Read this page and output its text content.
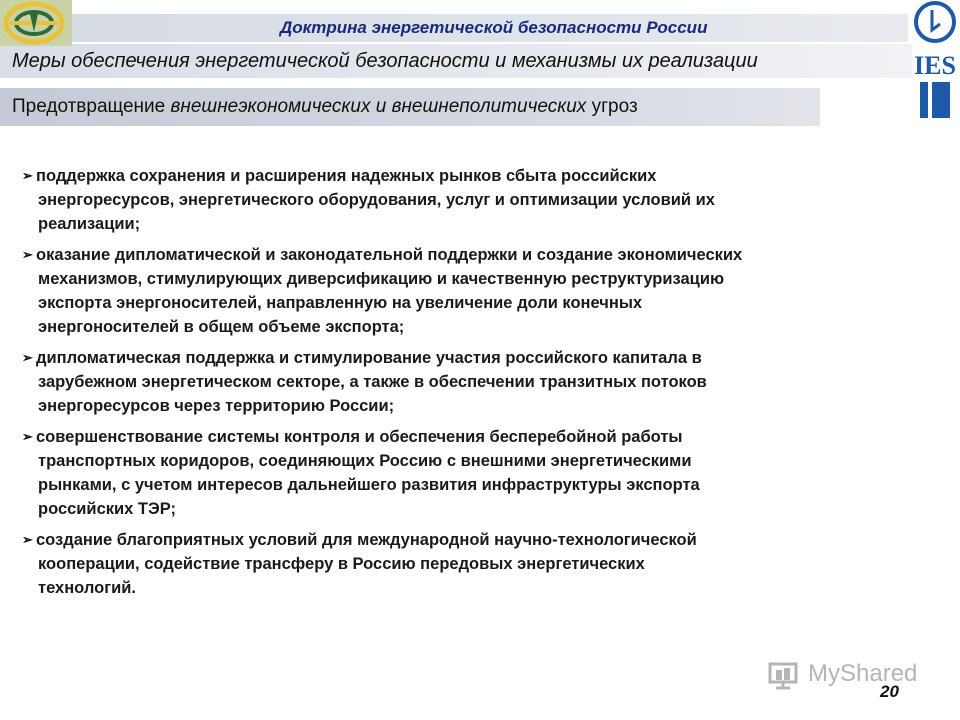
Доктрина энергетической безопасности России
Меры обеспечения энергетической безопасности и механизмы их реализации
Предотвращение внешнеэкономических и внешнеполитических угроз
IES
➢ поддержка сохранения и расширения надежных рынков сбыта российских
энергоресурсов, энергетического оборудования, услуг и оптимизации условий их
реализации;
➢ оказание дипломатической и законодательной поддержки и создание экономических
механизмов, стимулирующих диверсификацию и качественную реструктуризацию
экспорта энергоносителей, направленную на увеличение доли конечных
энергоносителей в общем объеме экспорта;
➢ дипломатическая поддержка и стимулирование участия российского капитала в
зарубежном энергетическом секторе, а также в обеспечении транзитных потоков
энергоресурсов через территорию России;
➢ совершенствование системы контроля и обеспечения бесперебойной работы
транспортных коридоров, соединяющих Россию с внешними энергетическими
рынками, с учетом интересов дальнейшего развития инфраструктуры экспорта
российских ТЭР;
➢ создание благоприятных условий для международной научно-технологической
кооперации, содействие трансферу в Россию передовых энергетических
технологий.
MyShared
20
